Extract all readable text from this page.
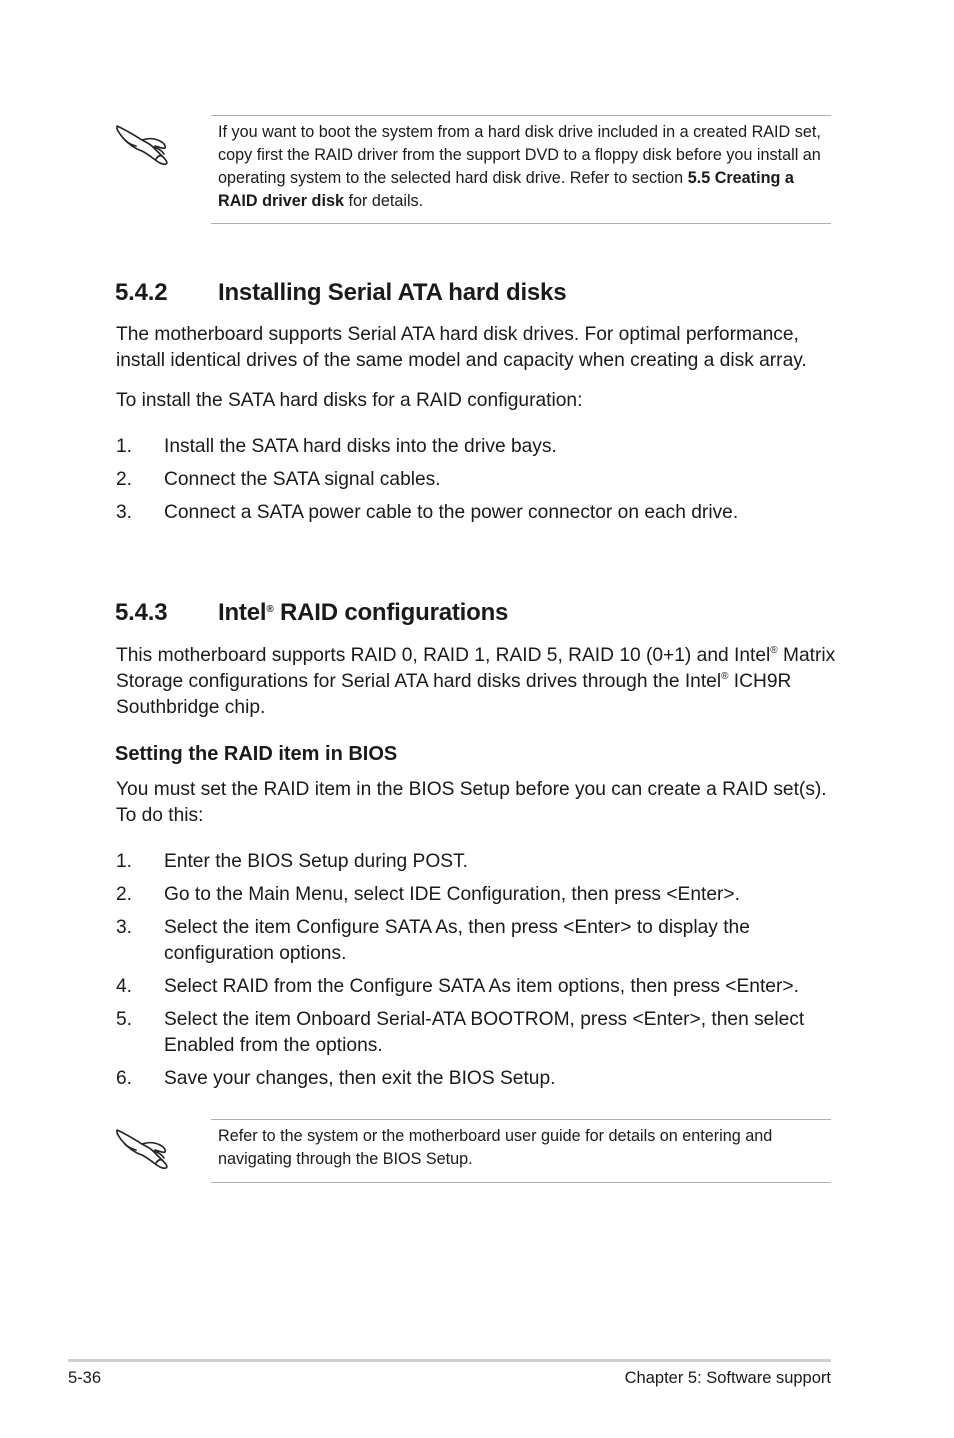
If you want to boot the system from a hard disk drive included in a created RAID set, copy first the RAID driver from the support DVD to a floppy disk before you install an operating system to the selected hard disk drive. Refer to section 5.5 Creating a RAID driver disk for details.
5.4.2 Installing Serial ATA hard disks
The motherboard supports Serial ATA hard disk drives. For optimal performance, install identical drives of the same model and capacity when creating a disk array.
To install the SATA hard disks for a RAID configuration:
1. Install the SATA hard disks into the drive bays.
2. Connect the SATA signal cables.
3. Connect a SATA power cable to the power connector on each drive.
5.4.3 Intel® RAID configurations
This motherboard supports RAID 0, RAID 1, RAID 5, RAID 10 (0+1) and Intel® Matrix Storage configurations for Serial ATA hard disks drives through the Intel® ICH9R Southbridge chip.
Setting the RAID item in BIOS
You must set the RAID item in the BIOS Setup before you can create a RAID set(s). To do this:
1. Enter the BIOS Setup during POST.
2. Go to the Main Menu, select IDE Configuration, then press <Enter>.
3. Select the item Configure SATA As, then press <Enter> to display the configuration options.
4. Select RAID from the Configure SATA As item options, then press <Enter>.
5. Select the item Onboard Serial-ATA BOOTROM, press <Enter>, then select Enabled from the options.
6. Save your changes, then exit the BIOS Setup.
Refer to the system or the motherboard user guide for details on entering and navigating through the BIOS Setup.
5-36	Chapter 5: Software support
